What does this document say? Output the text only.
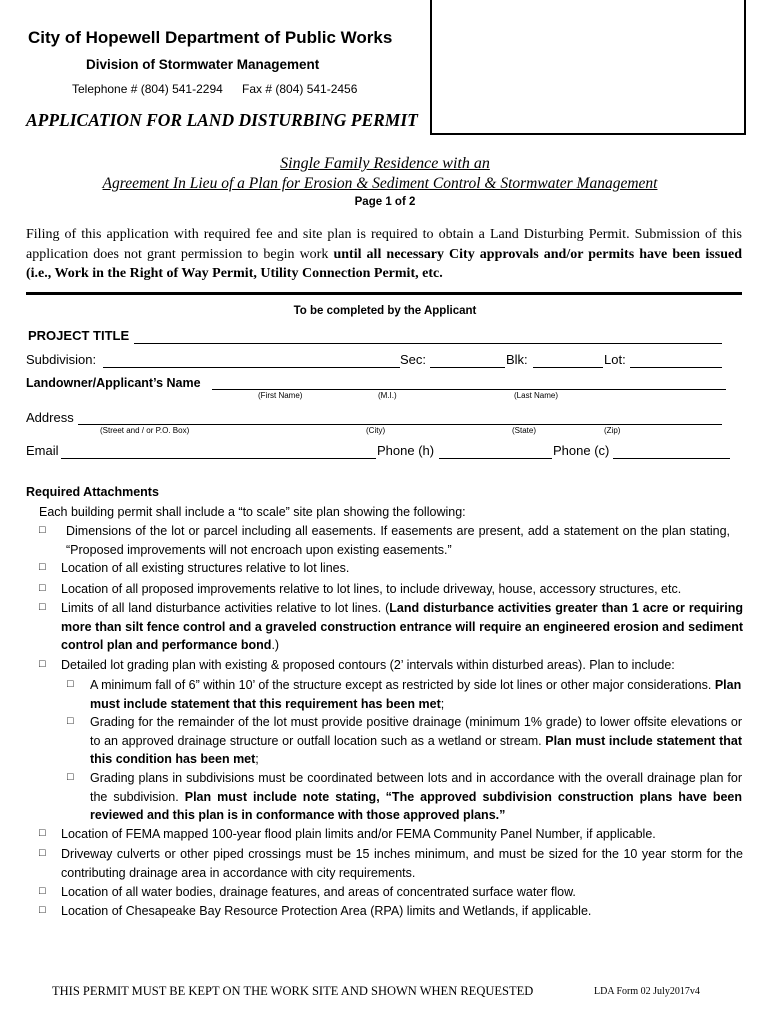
City of Hopewell Department of Public Works
Division of Stormwater Management
Telephone # (804) 541-2294 Fax # (804) 541-2456
APPLICATION FOR LAND DISTURBING PERMIT
Single Family Residence with an
Agreement In Lieu of a Plan for Erosion & Sediment Control & Stormwater Management
Page 1 of 2
Filing of this application with required fee and site plan is required to obtain a Land Disturbing Permit. Submission of this application does not grant permission to begin work until all necessary City approvals and/or permits have been issued (i.e., Work in the Right of Way Permit, Utility Connection Permit, etc.
To be completed by the Applicant
PROJECT TITLE
Subdivision:	Sec:	Blk:	Lot:
Landowner/Applicant’s Name
(First Name)	(M.I.)	(Last Name)
Address
(Street and / or P.O. Box)	(City)	(State)	(Zip)
Email	Phone (h)	Phone (c)
Required Attachments
Each building permit shall include a “to scale” site plan showing the following:
□ Dimensions of the lot or parcel including all easements. If easements are present, add a statement on the plan stating, “Proposed improvements will not encroach upon existing easements.”
□ Location of all existing structures relative to lot lines.
□ Location of all proposed improvements relative to lot lines, to include driveway, house, accessory structures, etc.
□ Limits of all land disturbance activities relative to lot lines. (Land disturbance activities greater than 1 acre or requiring more than silt fence control and a graveled construction entrance will require an engineered erosion and sediment control plan and performance bond.)
□ Detailed lot grading plan with existing & proposed contours (2’ intervals within disturbed areas). Plan to include:
□ A minimum fall of 6” within 10’ of the structure except as restricted by side lot lines or other major considerations. Plan must include statement that this requirement has been met;
□ Grading for the remainder of the lot must provide positive drainage (minimum 1% grade) to lower offsite elevations or to an approved drainage structure or outfall location such as a wetland or stream. Plan must include statement that this condition has been met;
□ Grading plans in subdivisions must be coordinated between lots and in accordance with the overall drainage plan for the subdivision. Plan must include note stating, “The approved subdivision construction plans have been reviewed and this plan is in conformance with those approved plans.”
□ Location of FEMA mapped 100-year flood plain limits and/or FEMA Community Panel Number, if applicable.
□ Driveway culverts or other piped crossings must be 15 inches minimum, and must be sized for the 10 year storm for the contributing drainage area in accordance with city requirements.
□ Location of all water bodies, drainage features, and areas of concentrated surface water flow.
□ Location of Chesapeake Bay Resource Protection Area (RPA) limits and Wetlands, if applicable.
THIS PERMIT MUST BE KEPT ON THE WORK SITE AND SHOWN WHEN REQUESTED	LDA Form 02 July2017v4
